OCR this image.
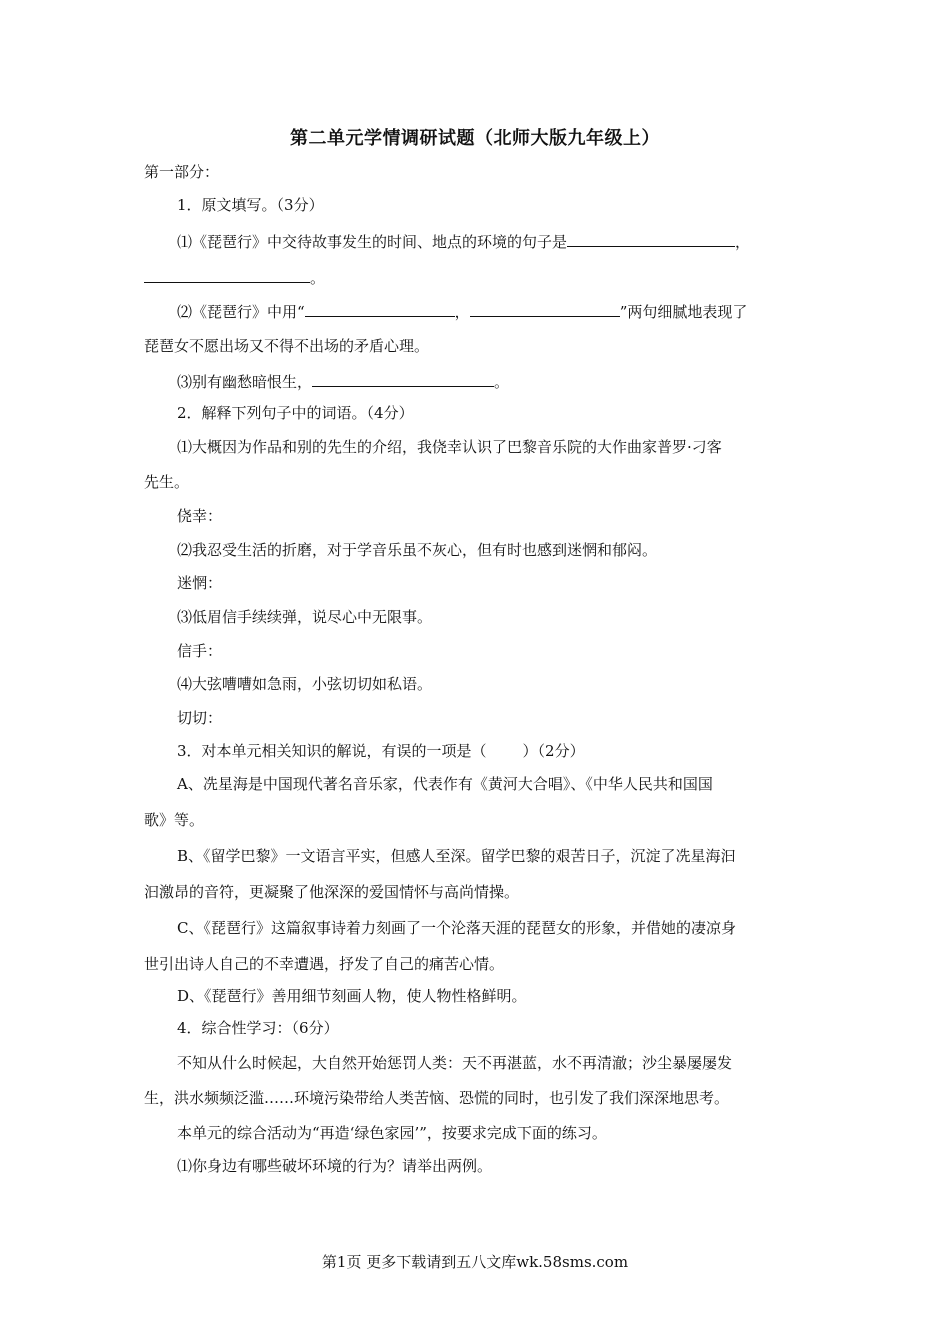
第二单元学情调研试题（北师大版九年级上）
第一部分：
1．原文填写。（3分）
⑴《琵琶行》中交待故事发生的时间、地点的环境的句子是	，
。
⑵《琵琶行》中用“	，	”两句细腻地表现了
琵琶女不愿出场又不得不出场的矛盾心理。
⑶别有幽愁暗恨生，	。
2．解释下列句子中的词语。（4分）
⑴大概因为作品和别的先生的介绍，我侥幸认识了巴黎音乐院的大作曲家普罗·刁客
先生。
侥幸：
⑵我忍受生活的折磨，对于学音乐虽不灰心，但有时也感到迷惘和郁闷。
迷惘：
⑶低眉信手续续弹，说尽心中无限事。
信手：
⑷大弦嘈嘈如急雨，小弦切切如私语。
切切：
3．对本单元相关知识的解说，有误的一项是（ ）（2分）
A、冼星海是中国现代著名音乐家，代表作有《黄河大合唱》、《中华人民共和国国
歌》等。
B、《留学巴黎》一文语言平实，但感人至深。留学巴黎的艰苦日子，沉淀了冼星海汩
汩激昂的音符，更凝聚了他深深的爱国情怀与高尚情操。
C、《琵琶行》这篇叙事诗着力刻画了一个沦落天涯的琵琶女的形象，并借她的凄凉身
世引出诗人自己的不幸遭遇，抒发了自己的痛苦心情。
D、《琵琶行》善用细节刻画人物，使人物性格鲜明。
4．综合性学习：（6分）
不知从什么时候起，大自然开始惩罚人类：天不再湛蓝，水不再清澈；沙尘暴屡屡发
生，洪水频频泛滥……环境污染带给人类苦恼、恐慌的同时，也引发了我们深深地思考。
本单元的综合活动为“再造‘绿色家园’”，按要求完成下面的练习。
⑴你身边有哪些破坏环境的行为？请举出两例。
第1页 更多下载请到五八文库wk.58sms.com
